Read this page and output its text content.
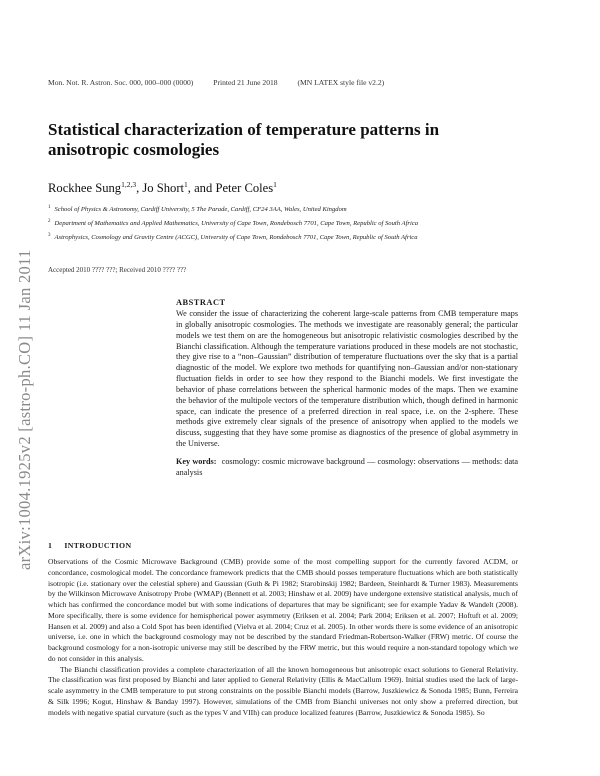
arXiv:1004.1925v2 [astro-ph.CO] 11 Jan 2011
Mon. Not. R. Astron. Soc. 000, 000–000 (0000)	Printed 21 June 2018	(MN LATEX style file v2.2)
Statistical characterization of temperature patterns in anisotropic cosmologies
Rockhee Sung$^{1,2,3}$, Jo Short$^1$, and Peter Coles$^1$
$^1$ School of Physics & Astronomy, Cardiff University, 5 The Parade, Cardiff, CF24 3AA, Wales, United Kingdom
$^2$ Department of Mathematics and Applied Mathematics, University of Cape Town, Rondebosch 7701, Cape Town, Republic of South Africa
$^3$ Astrophysics, Cosmology and Gravity Centre (ACGC), University of Cape Town, Rondebosch 7701, Cape Town, Republic of South Africa
Accepted 2010 ???? ???; Received 2010 ???? ???
ABSTRACT

We consider the issue of characterizing the coherent large-scale patterns from CMB temperature maps in globally anisotropic cosmologies. The methods we investigate are reasonably general; the particular models we test them on are the homogeneous but anisotropic relativistic cosmologies described by the Bianchi classification. Although the temperature variations produced in these models are not stochastic, they give rise to a “non–Gaussian” distribution of temperature fluctuations over the sky that is a partial diagnostic of the model. We explore two methods for quantifying non–Gaussian and/or non-stationary fluctuation fields in order to see how they respond to the Bianchi models. We first investigate the behavior of phase correlations between the spherical harmonic modes of the maps. Then we examine the behavior of the multipole vectors of the temperature distribution which, though defined in harmonic space, can indicate the presence of a preferred direction in real space, i.e. on the 2-sphere. These methods give extremely clear signals of the presence of anisotropy when applied to the models we discuss, suggesting that they have some promise as diagnostics of the presence of global asymmetry in the Universe.

Key words: cosmology: cosmic microwave background — cosmology: observations — methods: data analysis
1 INTRODUCTION

Observations of the Cosmic Microwave Background (CMB) provide some of the most compelling support for the currently favored ΛCDM, or concordance, cosmological model. The concordance framework predicts that the CMB should posses temperature fluctuations which are both statistically isotropic (i.e. stationary over the celestial sphere) and Gaussian (Guth & Pi 1982; Starobinskij 1982; Bardeen, Steinhardt & Turner 1983). Measurements by the Wilkinson Microwave Anisotropy Probe (WMAP) (Bennett et al. 2003; Hinshaw et al. 2009) have undergone extensive statistical analysis, much of which has confirmed the concordance model but with some indications of departures that may be significant; see for example Yadav & Wandelt (2008). More specifically, there is some evidence for hemispherical power asymmetry (Eriksen et al. 2004; Park 2004; Eriksen et al. 2007; Hoftuft et al. 2009; Hansen et al. 2009) and also a Cold Spot has been identified (Vielva et al. 2004; Cruz et al. 2005). In other words there is some evidence of an anisotropic universe, i.e. one in which the background cosmology may not be described by the standard Friedman-Robertson-Walker (FRW) metric. Of course the background cosmology for a non-isotropic universe may still be described by the FRW metric, but this would require a non-standard topology which we do not consider in this analysis.

The Bianchi classification provides a complete characterization of all the known homogeneous but anisotropic exact solutions to General Relativity. The classification was first proposed by Bianchi and later applied to General Relativity (Ellis & MacCallum 1969). Initial studies used the lack of large-scale asymmetry in the CMB temperature to put strong constraints on the possible Bianchi models (Barrow, Juszkiewicz & Sonoda 1985; Bunn, Ferreira & Silk 1996; Kogut, Hinshaw & Banday 1997). However, simulations of the CMB from Bianchi universes not only show a preferred direction, but models with negative spatial curvature (such as the types V and VIIh) can produce localized features (Barrow, Juszkiewicz & Sonoda 1985). So
